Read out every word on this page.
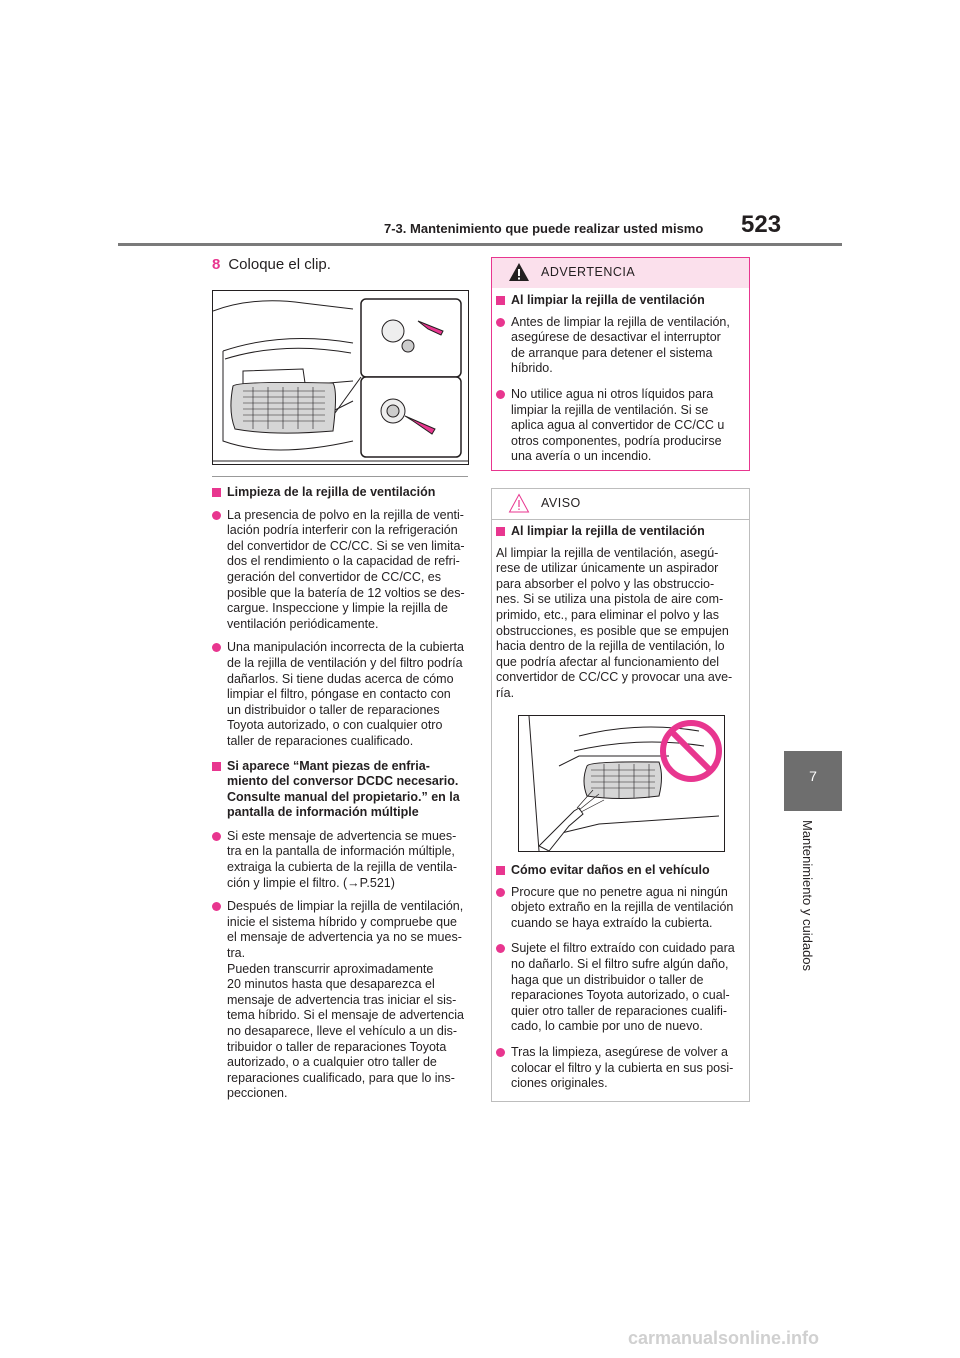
7-3. Mantenimiento que puede realizar usted mismo 523
7
Mantenimiento y cuidados
8 Coloque el clip.

Limpieza de la rejilla de ventilación

La presencia de polvo en la rejilla de venti-
lación podría interferir con la refrigeración
del convertidor de CC/CC. Si se ven limita-
dos el rendimiento o la capacidad de refri-
geración del convertidor de CC/CC, es
posible que la batería de 12 voltios se des-
cargue. Inspeccione y limpie la rejilla de
ventilación periódicamente.

Una manipulación incorrecta de la cubierta
de la rejilla de ventilación y del filtro podría
dañarlos. Si tiene dudas acerca de cómo
limpiar el filtro, póngase en contacto con
un distribuidor o taller de reparaciones
Toyota autorizado, o con cualquier otro
taller de reparaciones cualificado.

Si aparece “Mant piezas de enfria-
miento del conversor DCDC necesario.
Consulte manual del propietario.” en la
pantalla de información múltiple

Si este mensaje de advertencia se mues-
tra en la pantalla de información múltiple,
extraiga la cubierta de la rejilla de ventila-
ción y limpie el filtro. (→P.521)

Después de limpiar la rejilla de ventilación,
inicie el sistema híbrido y compruebe que
el mensaje de advertencia ya no se mues-
tra.
Pueden transcurrir aproximadamente
20 minutos hasta que desaparezca el
mensaje de advertencia tras iniciar el sis-
tema híbrido. Si el mensaje de advertencia
no desaparece, lleve el vehículo a un dis-
tribuidor o taller de reparaciones Toyota
autorizado, o a cualquier otro taller de
reparaciones cualificado, para que lo ins-
peccionen.

ADVERTENCIA

Al limpiar la rejilla de ventilación

Antes de limpiar la rejilla de ventilación,
asegúrese de desactivar el interruptor
de arranque para detener el sistema
híbrido.

No utilice agua ni otros líquidos para
limpiar la rejilla de ventilación. Si se
aplica agua al convertidor de CC/CC u
otros componentes, podría producirse
una avería o un incendio.

AVISO

Al limpiar la rejilla de ventilación

Al limpiar la rejilla de ventilación, asegú-
rese de utilizar únicamente un aspirador
para absorber el polvo y las obstruccio-
nes. Si se utiliza una pistola de aire com-
primido, etc., para eliminar el polvo y las
obstrucciones, es posible que se empujen
hacia dentro de la rejilla de ventilación, lo
que podría afectar al funcionamiento del
convertidor de CC/CC y provocar una ave-
ría.

Cómo evitar daños en el vehículo

Procure que no penetre agua ni ningún
objeto extraño en la rejilla de ventilación
cuando se haya extraído la cubierta.

Sujete el filtro extraído con cuidado para
no dañarlo. Si el filtro sufre algún daño,
haga que un distribuidor o taller de
reparaciones Toyota autorizado, o cual-
quier otro taller de reparaciones cualifi-
cado, lo cambie por uno de nuevo.

Tras la limpieza, asegúrese de volver a
colocar el filtro y la cubierta en sus posi-
ciones originales.

carmanualsonline.info
